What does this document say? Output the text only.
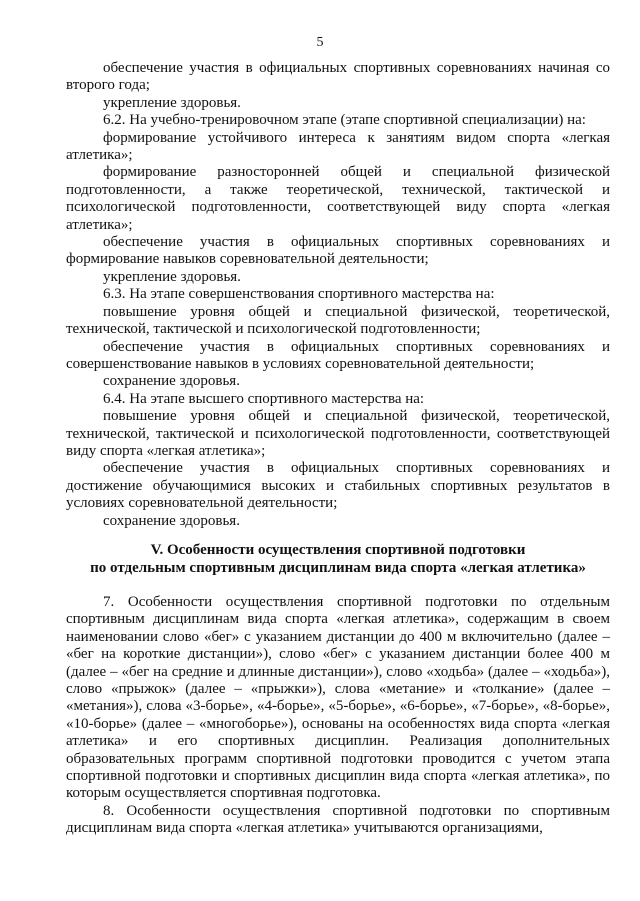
5

обеспечение участия в официальных спортивных соревнованиях начиная со второго года;

укрепление здоровья.

6.2. На учебно-тренировочном этапе (этапе спортивной специализации) на:

формирование устойчивого интереса к занятиям видом спорта «легкая атлетика»;

формирование разносторонней общей и специальной физической подготовленности, а также теоретической, технической, тактической и психологической подготовленности, соответствующей виду спорта «легкая атлетика»;

обеспечение участия в официальных спортивных соревнованиях и формирование навыков соревновательной деятельности;

укрепление здоровья.

6.3. На этапе совершенствования спортивного мастерства на:

повышение уровня общей и специальной физической, теоретической, технической, тактической и психологической подготовленности;

обеспечение участия в официальных спортивных соревнованиях и совершенствование навыков в условиях соревновательной деятельности;

сохранение здоровья.

6.4. На этапе высшего спортивного мастерства на:

повышение уровня общей и специальной физической, теоретической, технической, тактической и психологической подготовленности, соответствующей виду спорта «легкая атлетика»;

обеспечение участия в официальных спортивных соревнованиях и достижение обучающимися высоких и стабильных спортивных результатов в условиях соревновательной деятельности;

сохранение здоровья.

V. Особенности осуществления спортивной подготовки
по отдельным спортивным дисциплинам вида спорта «легкая атлетика»

7. Особенности осуществления спортивной подготовки по отдельным спортивным дисциплинам вида спорта «легкая атлетика», содержащим в своем наименовании слово «бег» с указанием дистанции до 400 м включительно (далее – «бег на короткие дистанции»), слово «бег» с указанием дистанции более 400 м (далее – «бег на средние и длинные дистанции»), слово «ходьба» (далее – «ходьба»), слово «прыжок» (далее – «прыжки»), слова «метание» и «толкание» (далее – «метания»), слова «3-борье», «4-борье», «5-борье», «6-борье», «7-борье», «8-борье», «10-борье» (далее – «многоборье»), основаны на особенностях вида спорта «легкая атлетика» и его спортивных дисциплин. Реализация дополнительных образовательных программ спортивной подготовки проводится с учетом этапа спортивной подготовки и спортивных дисциплин вида спорта «легкая атлетика», по которым осуществляется спортивная подготовка.

8. Особенности осуществления спортивной подготовки по спортивным дисциплинам вида спорта «легкая атлетика» учитываются организациями,
